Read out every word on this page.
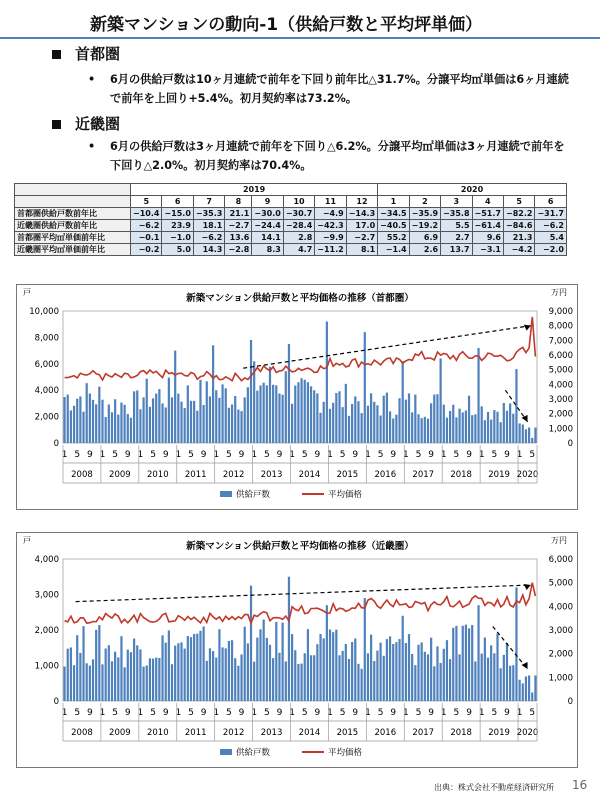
新築マンションの動向-1（供給戸数と平均坪単価）
首都圏
• 6月の供給戸数は10ヶ月連続で前年を下回り前年比△31.7%。分譲平均㎡単価は6ヶ月連続で前年を上回り+5.4%。初月契約率は73.2%。
近畿圏
• 6月の供給戸数は3ヶ月連続で前年を下回り△6.2%。分譲平均㎡単価は3ヶ月連続で前年を下回り△2.0%。初月契約率は70.4%。
	2019								2020					
	5	6	7	8	9	10	11	12	1	2	3	4	5	6
首都圏供給戸数前年比	−10.4	−15.0	−35.3	21.1	−30.0	−30.7	−4.9	−14.3	−34.5	−35.9	−35.8	−51.7	−82.2	−31.7
近畿圏供給戸数前年比	−6.2	23.9	18.1	−2.7	−24.4	−28.4	−42.3	17.0	−40.5	−19.2	5.5	−61.4	−84.6	−6.2
首都圏平均㎡単価前年比	−0.1	−1.0	−6.2	13.6	14.1	2.8	−9.9	−2.7	55.2	6.9	2.7	9.6	21.3	5.4
近畿圏平均㎡単価前年比	−0.2	5.0	14.3	−2.8	8.3	4.7	−11.2	8.1	−1.4	2.6	13.7	−3.1	−4.2	−2.0
新築マンション供給戸数と平均価格の推移（首都圏）
戸	万円
0
2,000
4,000
6,000
8,000
10,000
0
1,000
2,000
3,000
4,000
5,000
6,000
7,000
8,000
9,000
1 5 9 1 5 9 1 5 9 1 5 9 1 5 9 1 5 9 1 5 9 1 5 9 1 5 9 1 5 9 1 5 9 1 5 9 1 5
2008 2009 2010 2011 2012 2013 2014 2015 2016 2017 2018 2019 2020
供給戸数	平均価格
新築マンション供給戸数と平均価格の推移（近畿圏）
戸	万円
0
1,000
2,000
3,000
4,000
0
1,000
2,000
3,000
4,000
5,000
6,000
1 5 9 1 5 9 1 5 9 1 5 9 1 5 9 1 5 9 1 5 9 1 5 9 1 5 9 1 5 9 1 5 9 1 5 9 1 5
2008 2009 2010 2011 2012 2013 2014 2015 2016 2017 2018 2019 2020
供給戸数	平均価格
出典：株式会社不動産経済研究所 16
